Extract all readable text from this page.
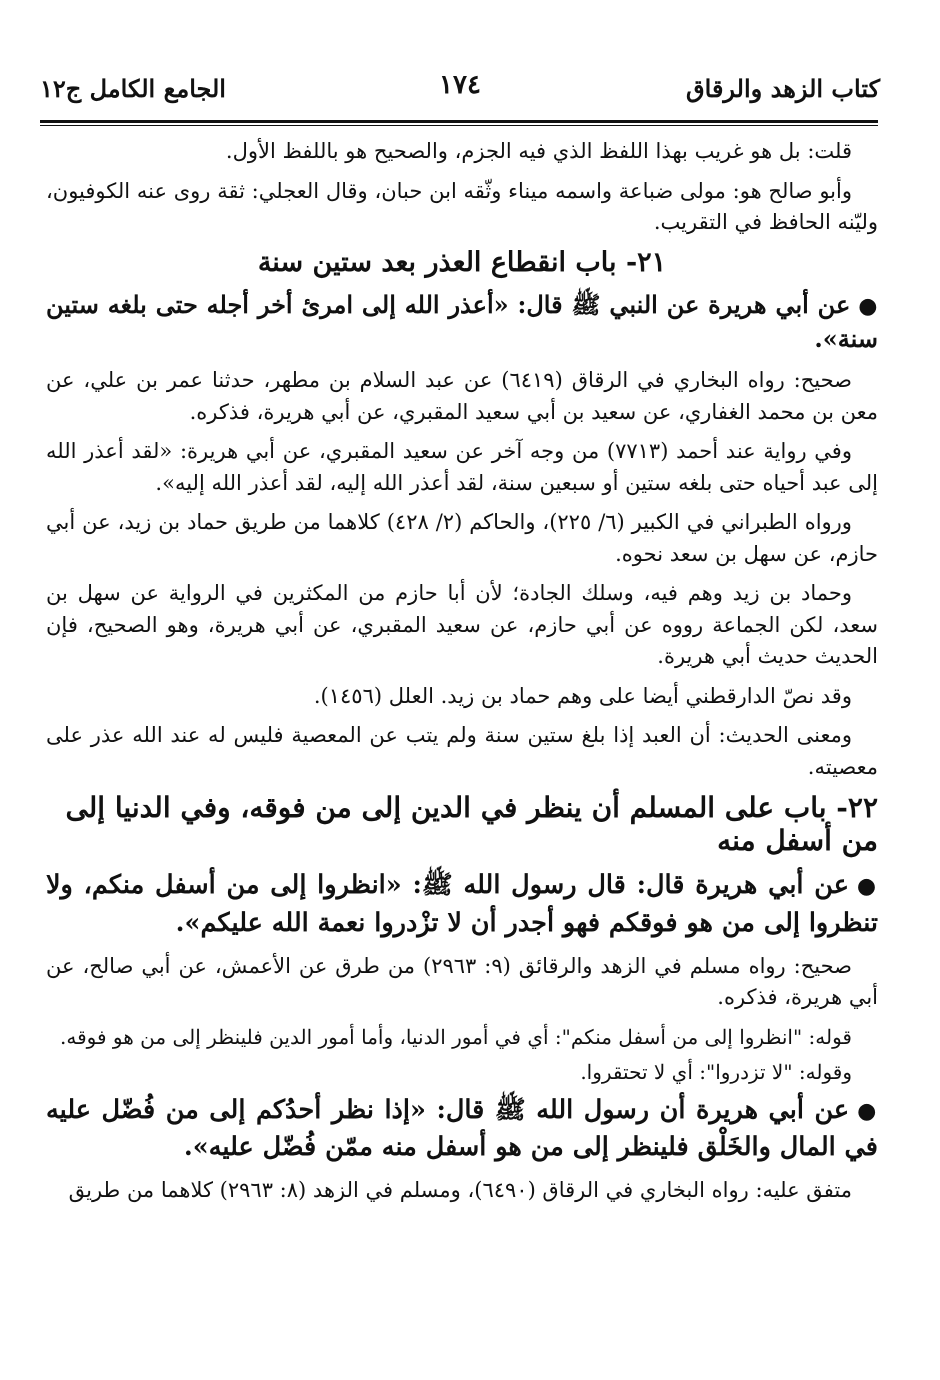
كتاب الزهد والرقاق
١٧٤
الجامع الكامل ج١٢

قلت: بل هو غريب بهذا اللفظ الذي فيه الجزم، والصحيح هو باللفظ الأول.

وأبو صالح هو: مولى ضباعة واسمه ميناء وثّقه ابن حبان، وقال العجلي: ثقة روى عنه الكوفيون، وليّنه الحافظ في التقريب.

٢١- باب انقطاع العذر بعد ستين سنة

●عن أبي هريرة عن النبي ﷺ قال: «أعذر الله إلى امرئ أخر أجله حتى بلغه ستين سنة».

صحيح: رواه البخاري في الرقاق (٦٤١٩) عن عبد السلام بن مطهر، حدثنا عمر بن علي، عن معن بن محمد الغفاري، عن سعيد بن أبي سعيد المقبري، عن أبي هريرة، فذكره.

وفي رواية عند أحمد (٧٧١٣) من وجه آخر عن سعيد المقبري، عن أبي هريرة: «لقد أعذر الله إلى عبد أحياه حتى بلغه ستين أو سبعين سنة، لقد أعذر الله إليه، لقد أعذر الله إليه».

ورواه الطبراني في الكبير (٦/ ٢٢٥)، والحاكم (٢/ ٤٢٨) كلاهما من طريق حماد بن زيد، عن أبي حازم، عن سهل بن سعد نحوه.

وحماد بن زيد وهم فيه، وسلك الجادة؛ لأن أبا حازم من المكثرين في الرواية عن سهل بن سعد، لكن الجماعة رووه عن أبي حازم، عن سعيد المقبري، عن أبي هريرة، وهو الصحيح، فإن الحديث حديث أبي هريرة.

وقد نصّ الدارقطني أيضا على وهم حماد بن زيد. العلل (١٤٥٦).

ومعنى الحديث: أن العبد إذا بلغ ستين سنة ولم يتب عن المعصية فليس له عند الله عذر على معصيته.

٢٢- باب على المسلم أن ينظر في الدين إلى من فوقه، وفي الدنيا إلى من أسفل منه

●عن أبي هريرة قال: قال رسول الله ﷺ: «انظروا إلى من أسفل منكم، ولا تنظروا إلى من هو فوقكم فهو أجدر أن لا تزْدروا نعمة الله عليكم».

صحيح: رواه مسلم في الزهد والرقائق (٩: ٢٩٦٣) من طرق عن الأعمش، عن أبي صالح، عن أبي هريرة، فذكره.

قوله: "انظروا إلى من أسفل منكم": أي في أمور الدنيا، وأما أمور الدين فلينظر إلى من هو فوقه.

وقوله: "لا تزدروا": أي لا تحتقروا.

●عن أبي هريرة أن رسول الله ﷺ قال: «إذا نظر أحدُكم إلى من فُضّل عليه في المال والخَلْق فلينظر إلى من هو أسفل منه ممّن فُضّل عليه».

متفق عليه: رواه البخاري في الرقاق (٦٤٩٠)، ومسلم في الزهد (٨: ٢٩٦٣) كلاهما من طريق
